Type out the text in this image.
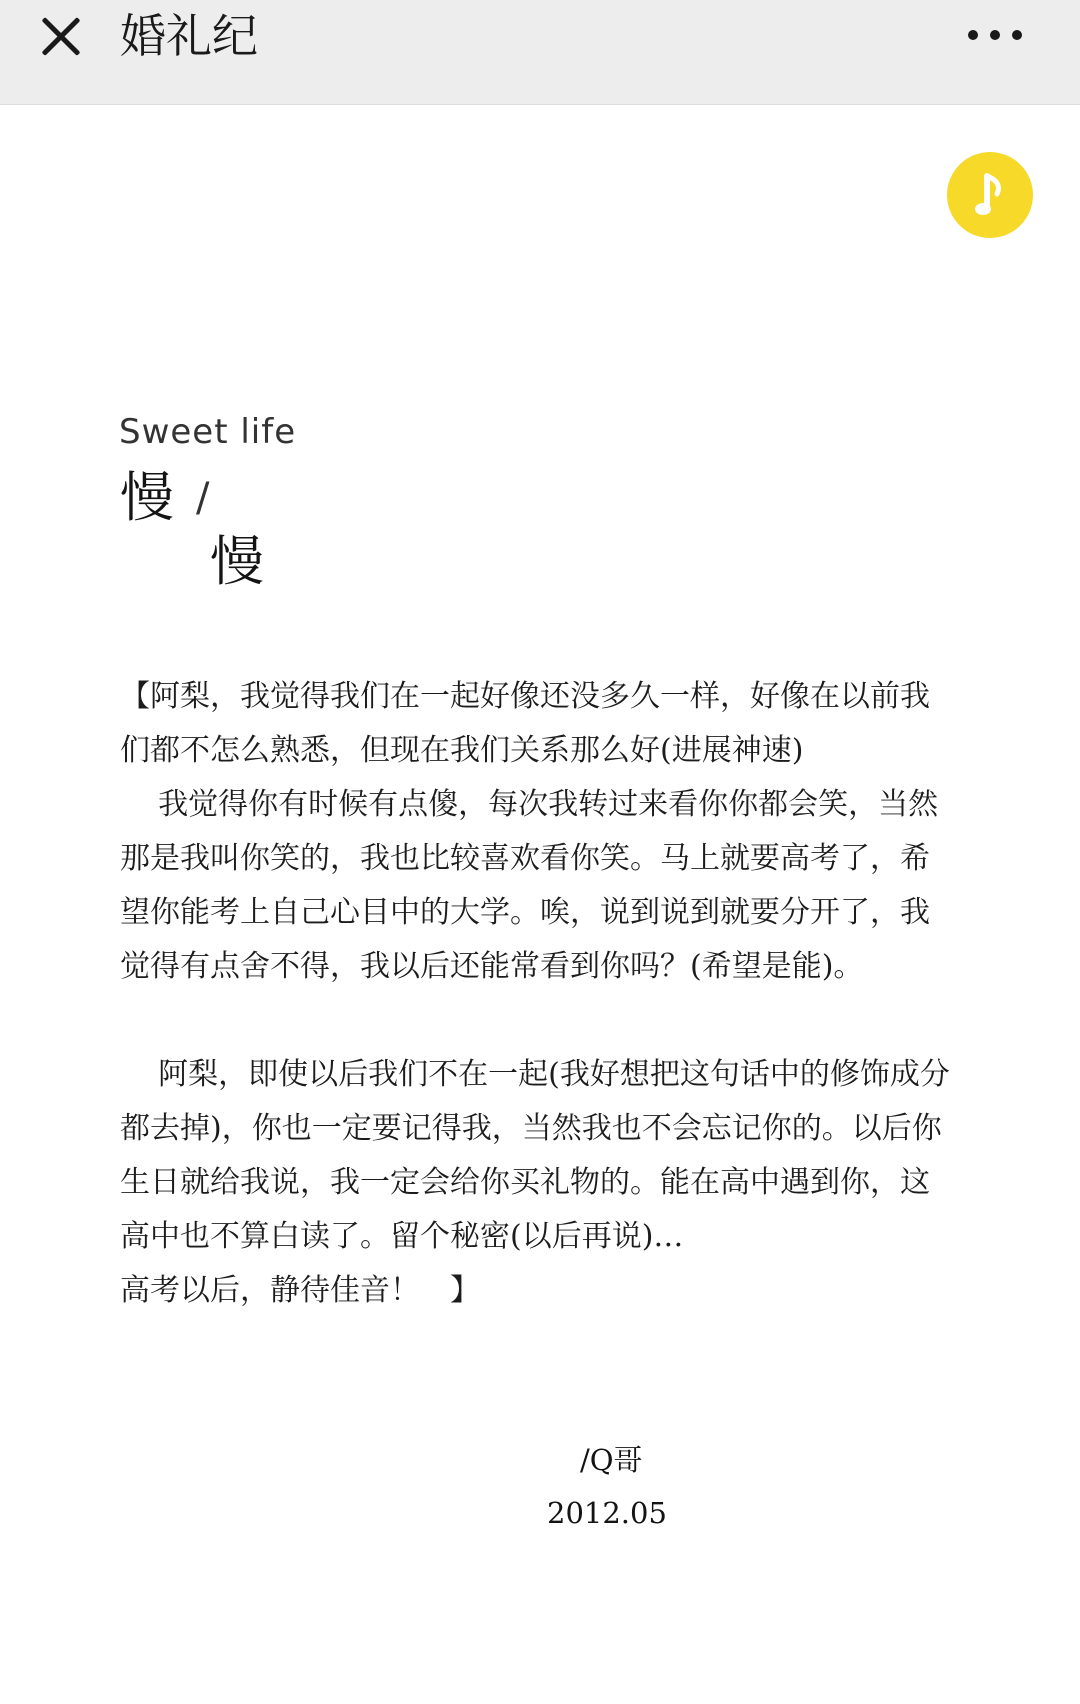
婚礼纪
Sweet life
慢 /
慢

【阿梨，我觉得我们在一起好像还没多久一样，好像在以前我们都不怎么熟悉，但现在我们关系那么好(进展神速)

我觉得你有时候有点傻，每次我转过来看你你都会笑，当然那是我叫你笑的，我也比较喜欢看你笑。马上就要高考了，希望你能考上自己心目中的大学。唉，说到说到就要分开了，我觉得有点舍不得，我以后还能常看到你吗？(希望是能)。

阿梨，即使以后我们不在一起(我好想把这句话中的修饰成分都去掉)，你也一定要记得我，当然我也不会忘记你的。以后你生日就给我说，我一定会给你买礼物的。能在高中遇到你，这高中也不算白读了。留个秘密(以后再说)…

高考以后，静待佳音！　】

/Q哥
2012.05
